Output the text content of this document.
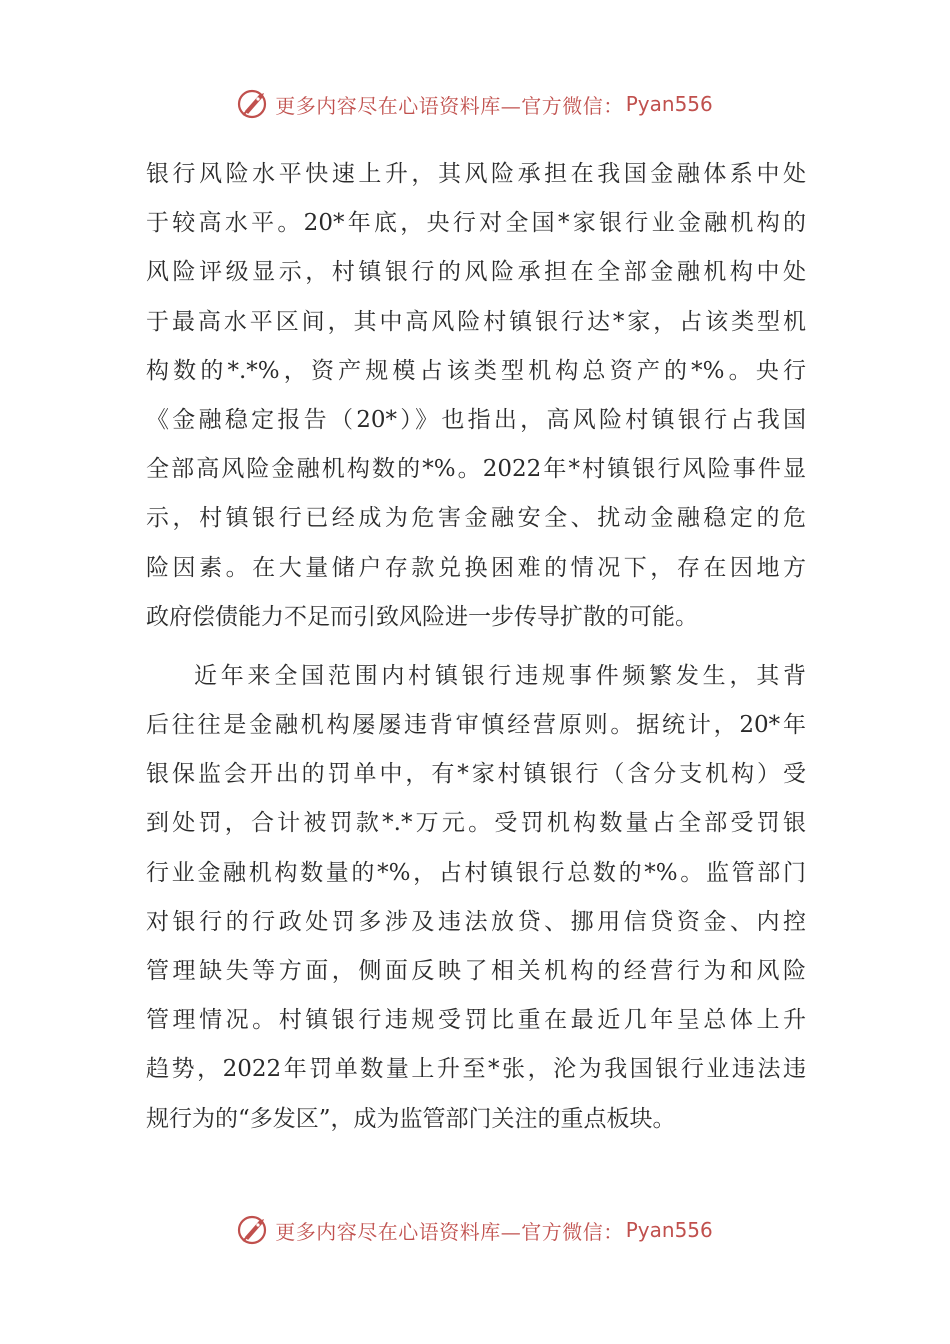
更多内容尽在心语资料库—官方微信： Pyan556
银行风险水平快速上升，其风险承担在我国金融体系中处
于较高水平。20*年底，央行对全国*家银行业金融机构的
风险评级显示，村镇银行的风险承担在全部金融机构中处
于最高水平区间，其中高风险村镇银行达*家，占该类型机
构数的*.*%，资产规模占该类型机构总资产的*%。央行
《金融稳定报告（20*）》也指出，高风险村镇银行占我国
全部高风险金融机构数的*%。2022年*村镇银行风险事件显
示，村镇银行已经成为危害金融安全、扰动金融稳定的危
险因素。在大量储户存款兑换困难的情况下，存在因地方
政府偿债能力不足而引致风险进一步传导扩散的可能。
近年来全国范围内村镇银行违规事件频繁发生，其背
后往往是金融机构屡屡违背审慎经营原则。据统计，20*年
银保监会开出的罚单中，有*家村镇银行（含分支机构）受
到处罚，合计被罚款*.*万元。受罚机构数量占全部受罚银
行业金融机构数量的*%，占村镇银行总数的*%。监管部门
对银行的行政处罚多涉及违法放贷、挪用信贷资金、内控
管理缺失等方面，侧面反映了相关机构的经营行为和风险
管理情况。村镇银行违规受罚比重在最近几年呈总体上升
趋势，2022年罚单数量上升至*张，沦为我国银行业违法违
规行为的“多发区”，成为监管部门关注的重点板块。
更多内容尽在心语资料库—官方微信： Pyan556
